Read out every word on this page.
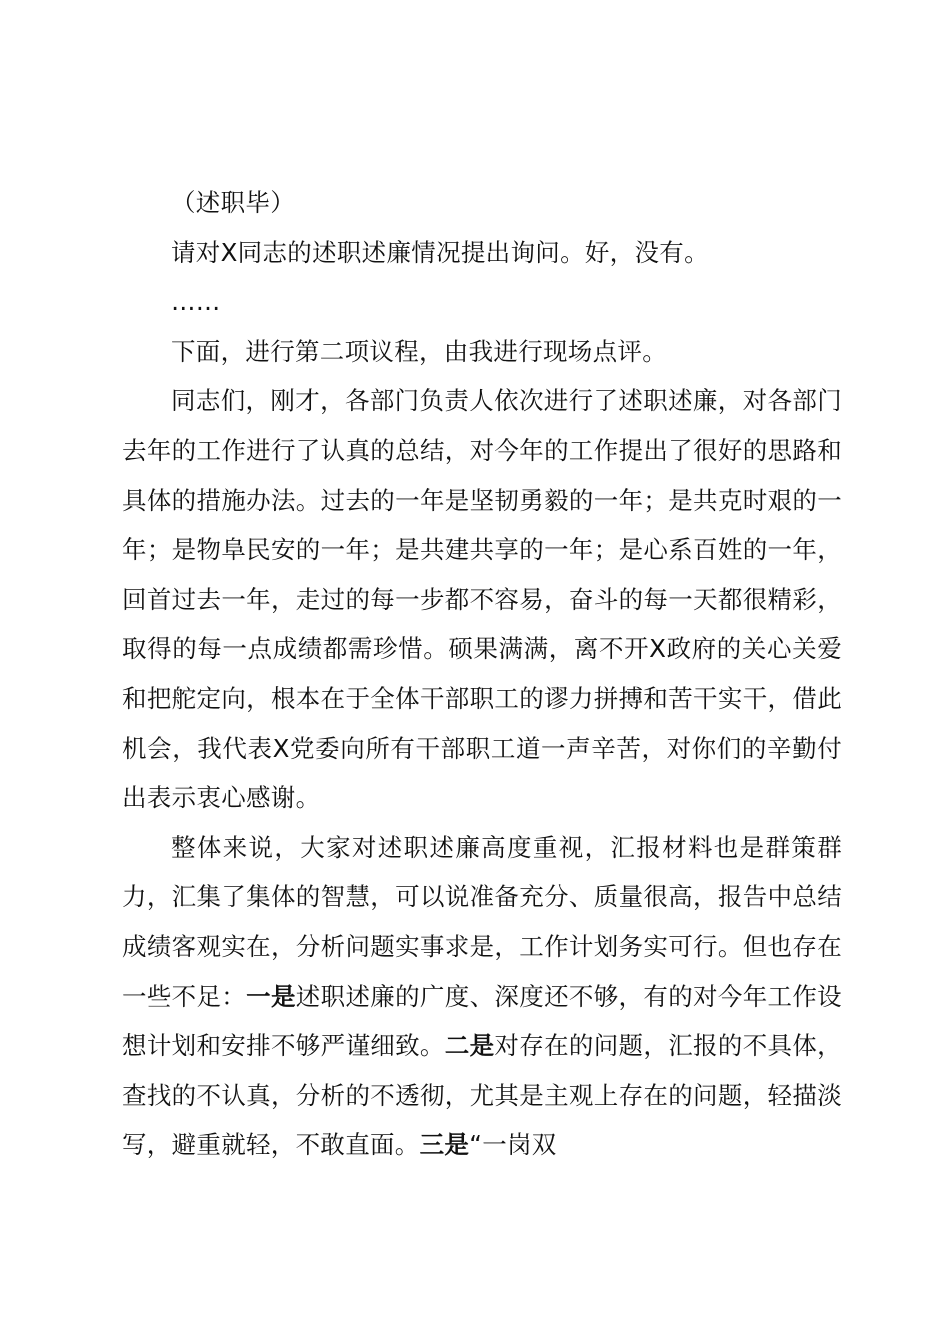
（述职毕）

请对X同志的述职述廉情况提出询问。好，没有。

……

下面，进行第二项议程，由我进行现场点评。

同志们，刚才，各部门负责人依次进行了述职述廉，对各部门去年的工作进行了认真的总结，对今年的工作提出了很好的思路和具体的措施办法。过去的一年是坚韧勇毅的一年；是共克时艰的一年；是物阜民安的一年；是共建共享的一年；是心系百姓的一年，回首过去一年，走过的每一步都不容易，奋斗的每一天都很精彩，取得的每一点成绩都需珍惜。硕果满满，离不开X政府的关心关爱和把舵定向，根本在于全体干部职工的谬力拼搏和苦干实干，借此机会，我代表X党委向所有干部职工道一声辛苦，对你们的辛勤付出表示衷心感谢。

整体来说，大家对述职述廉高度重视，汇报材料也是群策群力，汇集了集体的智慧，可以说准备充分、质量很高，报告中总结成绩客观实在，分析问题实事求是，工作计划务实可行。但也存在一些不足：一是述职述廉的广度、深度还不够，有的对今年工作设想计划和安排不够严谨细致。二是对存在的问题，汇报的不具体，查找的不认真，分析的不透彻，尤其是主观上存在的问题，轻描淡写，避重就轻，不敢直面。三是“一岗双
